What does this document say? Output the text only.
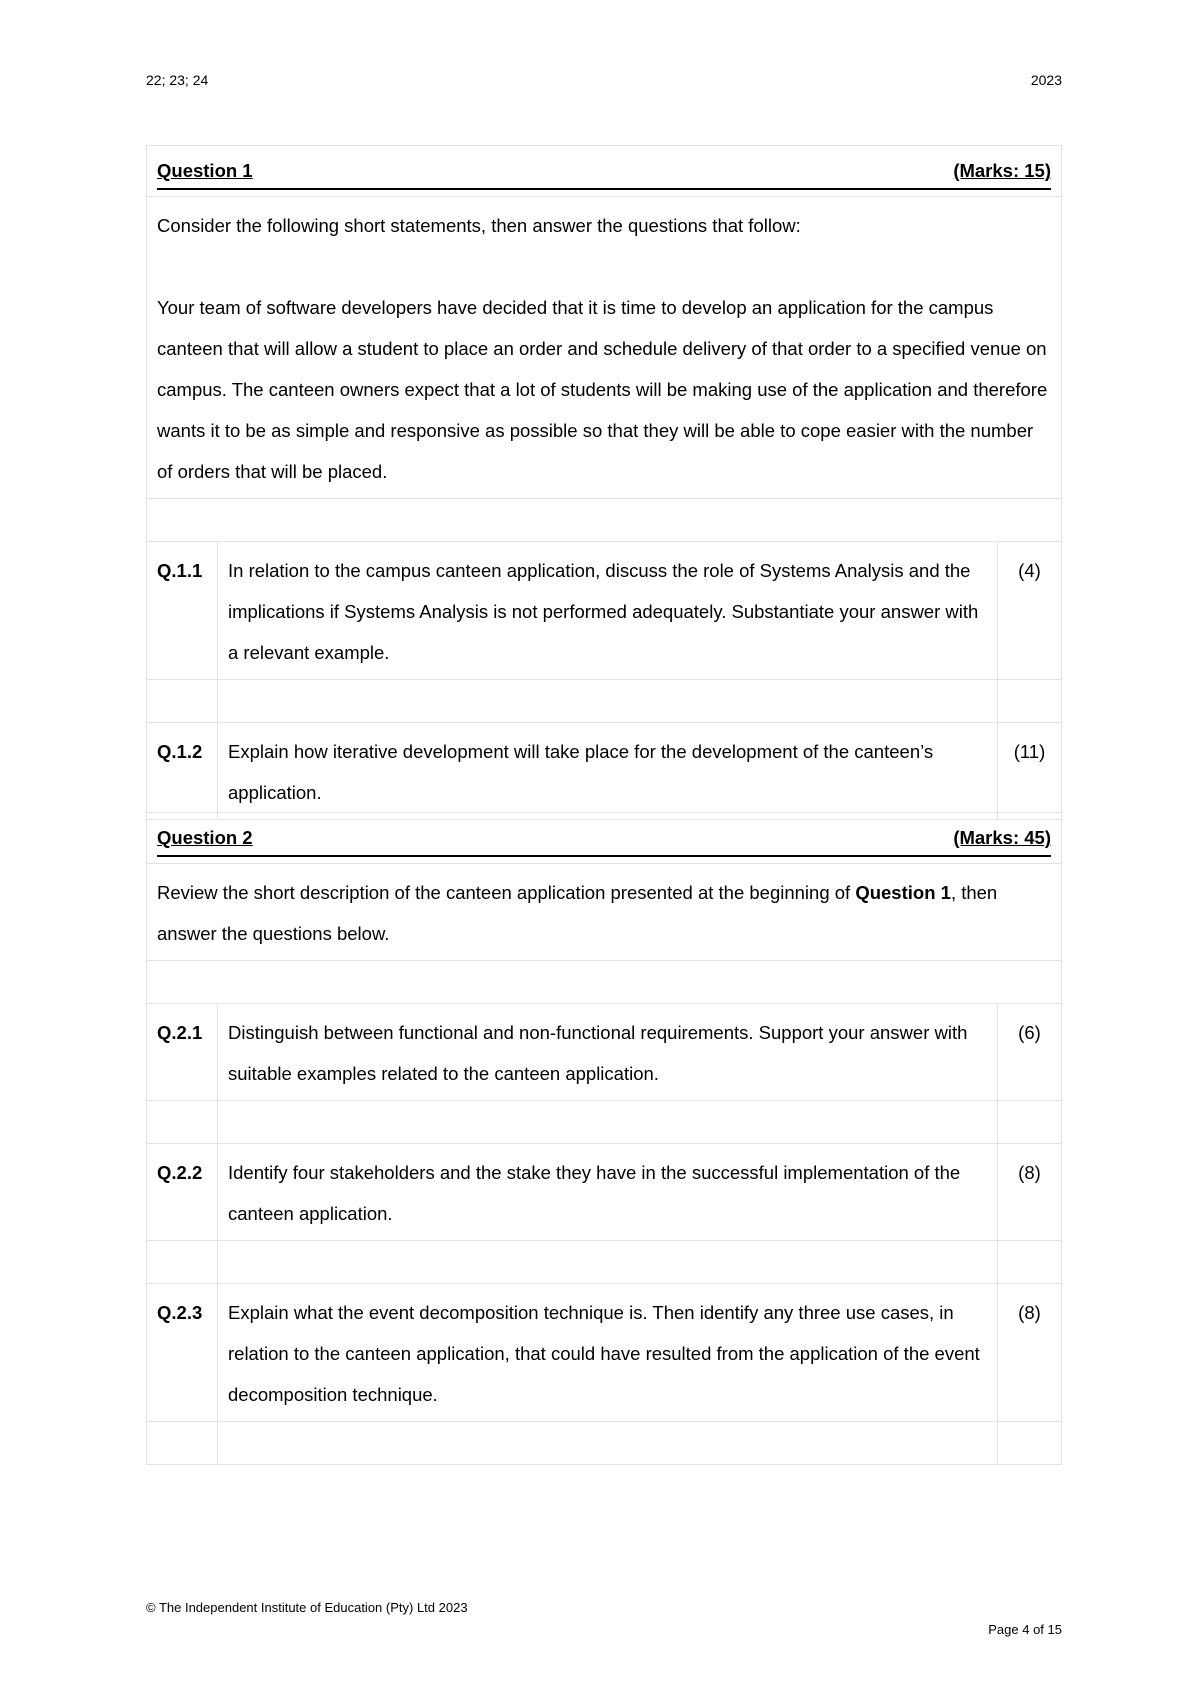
22; 23; 24	2023
Question 1 (Marks: 15)		

Consider the following short statements, then answer the questions that follow:
Your team of software developers have decided that it is time to develop an application for the campus canteen that will allow a student to place an order and schedule delivery of that order to a specified venue on campus. The canteen owners expect that a lot of students will be making use of the application and therefore wants it to be as simple and responsive as possible so that they will be able to cope easier with the number of orders that will be placed.		

Q.1.1	In relation to the campus canteen application, discuss the role of Systems Analysis and the implications if Systems Analysis is not performed adequately. Substantiate your answer with a relevant example.	(4)

Q.1.2	Explain how iterative development will take place for the development of the canteen’s application.	(11)
Question 2 (Marks: 45)		

Review the short description of the canteen application presented at the beginning of Question 1, then answer the questions below.		

Q.2.1	Distinguish between functional and non-functional requirements. Support your answer with suitable examples related to the canteen application.	(6)

Q.2.2	Identify four stakeholders and the stake they have in the successful implementation of the canteen application.	(8)

Q.2.3	Explain what the event decomposition technique is. Then identify any three use cases, in relation to the canteen application, that could have resulted from the application of the event decomposition technique.	(8)

© The Independent Institute of Education (Pty) Ltd 2023
Page 4 of 15
